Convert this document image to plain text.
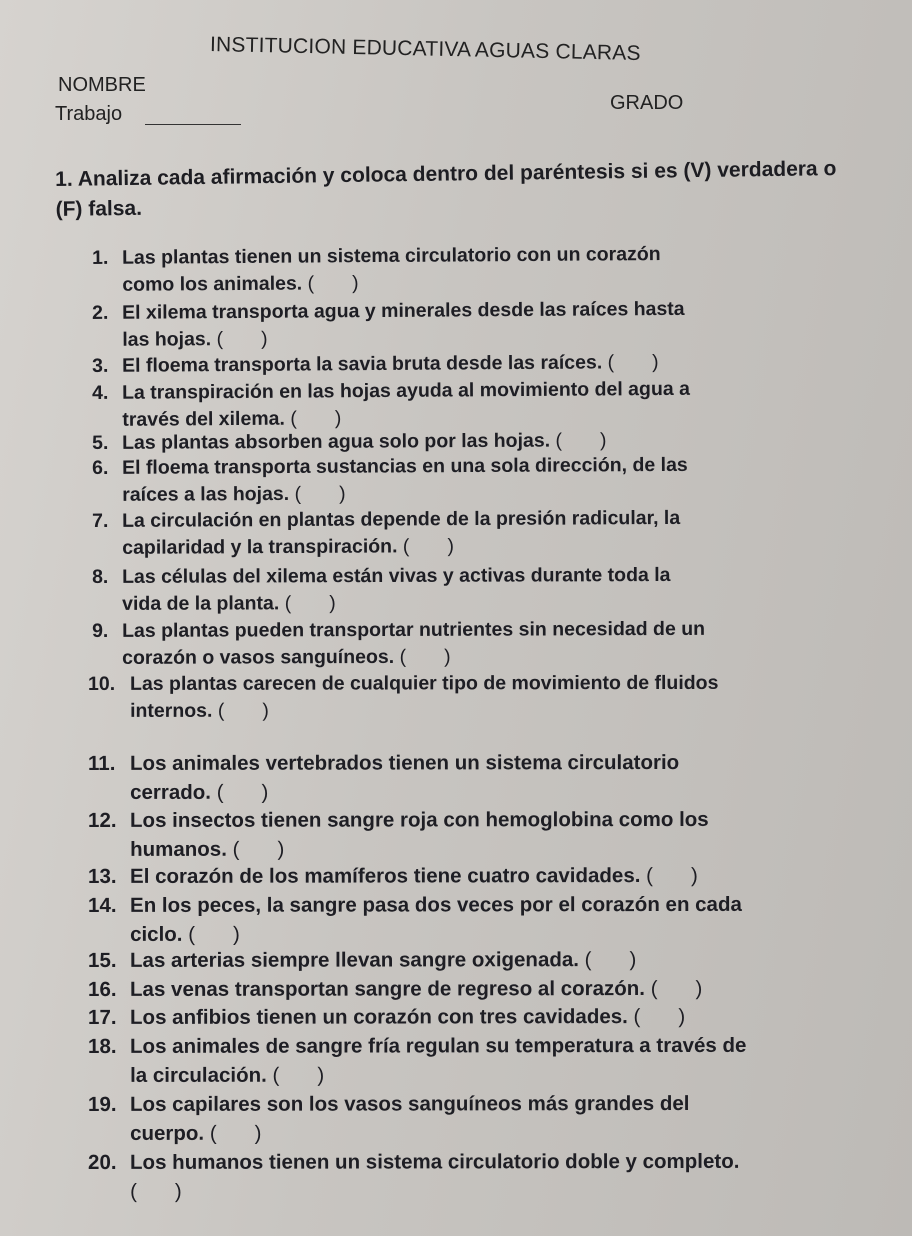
INSTITUCION EDUCATIVA AGUAS CLARAS
NOMBRE
Trabajo	GRADO
1. Analiza cada afirmación y coloca dentro del paréntesis si es (V) verdadera o (F) falsa.
1. Las plantas tienen un sistema circulatorio con un corazón
como los animales. ( )
2. El xilema transporta agua y minerales desde las raíces hasta
las hojas. ( )
3. El floema transporta la savia bruta desde las raíces. ( )
4. La transpiración en las hojas ayuda al movimiento del agua a
través del xilema. ( )
5. Las plantas absorben agua solo por las hojas. ( )
6. El floema transporta sustancias en una sola dirección, de las
raíces a las hojas. ( )
7. La circulación en plantas depende de la presión radicular, la
capilaridad y la transpiración. ( )
8. Las células del xilema están vivas y activas durante toda la
vida de la planta. ( )
9. Las plantas pueden transportar nutrientes sin necesidad de un
corazón o vasos sanguíneos. ( )
10. Las plantas carecen de cualquier tipo de movimiento de fluidos
internos. ( )
11. Los animales vertebrados tienen un sistema circulatorio
cerrado. ( )
12. Los insectos tienen sangre roja con hemoglobina como los
humanos. ( )
13. El corazón de los mamíferos tiene cuatro cavidades. ( )
14. En los peces, la sangre pasa dos veces por el corazón en cada
ciclo. ( )
15. Las arterias siempre llevan sangre oxigenada. ( )
16. Las venas transportan sangre de regreso al corazón. ( )
17. Los anfibios tienen un corazón con tres cavidades. ( )
18. Los animales de sangre fría regulan su temperatura a través de
la circulación. ( )
19. Los capilares son los vasos sanguíneos más grandes del
cuerpo. ( )
20. Los humanos tienen un sistema circulatorio doble y completo.
( )
